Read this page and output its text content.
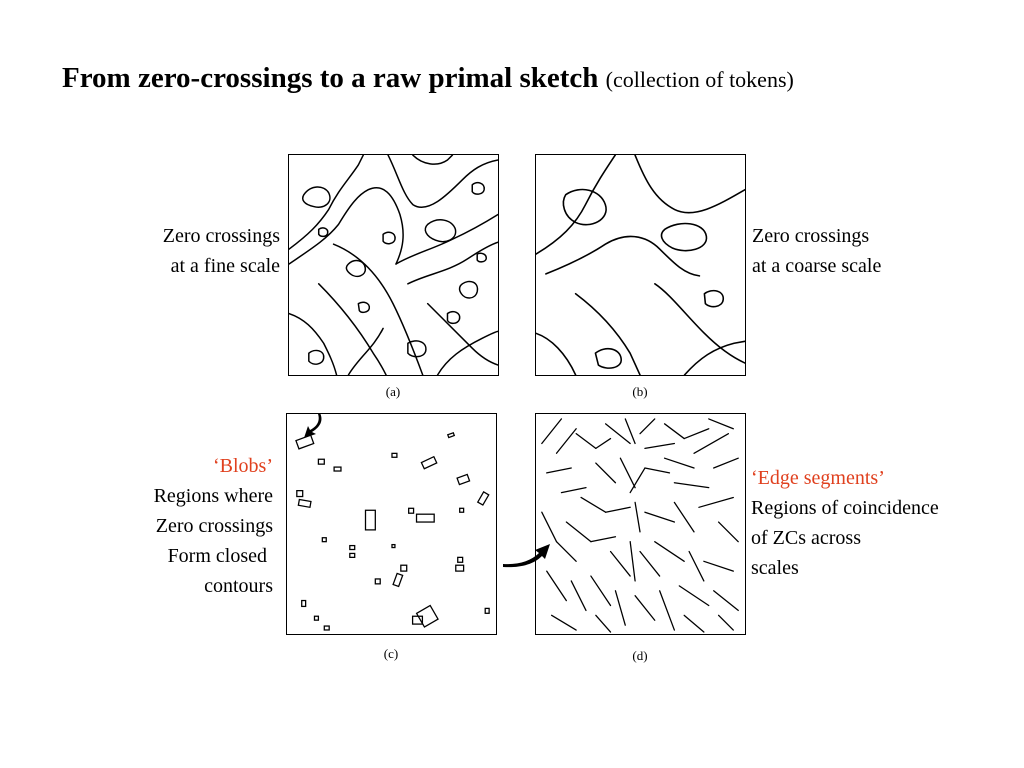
From zero-crossings to a raw primal sketch (collection of tokens)
(a)	(b)
(c)	(d)
Zero crossings
at a fine scale
Zero crossings
at a coarse scale
‘Blobs’
Regions where
Zero crossings
Form closed
contours
‘Edge segments’
Regions of coincidence
of ZCs across
scales
